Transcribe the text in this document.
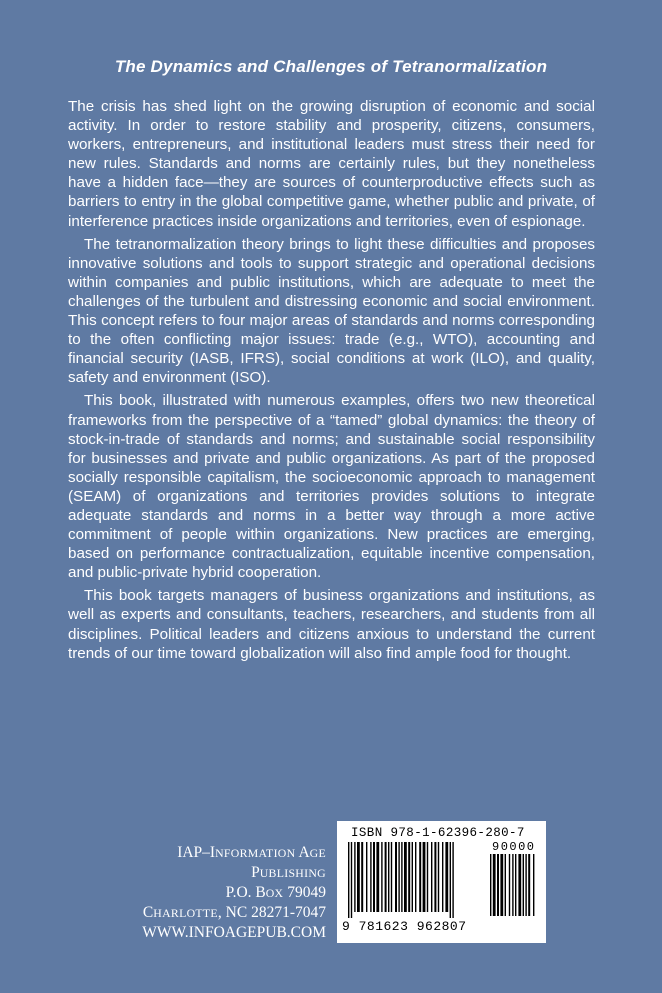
The Dynamics and Challenges of Tetranormalization

The crisis has shed light on the growing disruption of economic and social activity. In order to restore stability and prosperity, citizens, consumers, workers, entrepreneurs, and institutional leaders must stress their need for new rules. Standards and norms are certainly rules, but they nonetheless have a hidden face—they are sources of counterproductive effects such as barriers to entry in the global competitive game, whether public and private, of interference practices inside organizations and territories, even of espionage.

The tetranormalization theory brings to light these difficulties and proposes innovative solutions and tools to support strategic and operational decisions within companies and public institutions, which are adequate to meet the challenges of the turbulent and distressing economic and social environment. This concept refers to four major areas of standards and norms corresponding to the often conflicting major issues: trade (e.g., WTO), accounting and financial security (IASB, IFRS), social conditions at work (ILO), and quality, safety and environment (ISO).

This book, illustrated with numerous examples, offers two new theoretical frameworks from the perspective of a “tamed” global dynamics: the theory of stock-in-trade of standards and norms; and sustainable social responsibility for businesses and private and public organizations. As part of the proposed socially responsible capitalism, the socioeconomic approach to management (SEAM) of organizations and territories provides solutions to integrate adequate standards and norms in a better way through a more active commitment of people within organizations. New practices are emerging, based on performance contractualization, equitable incentive compensation, and public-private hybrid cooperation.

This book targets managers of business organizations and institutions, as well as experts and consultants, teachers, researchers, and students from all disciplines. Political leaders and citizens anxious to understand the current trends of our time toward globalization will also find ample food for thought.

IAP–INFORMATION AGE PUBLISHING
P.O. BOX 79049
CHARLOTTE, NC 28271-7047
WWW.INFOAGEPUB.COM
ISBN 978-1-62396-280-7
90000
9 781623 962807
